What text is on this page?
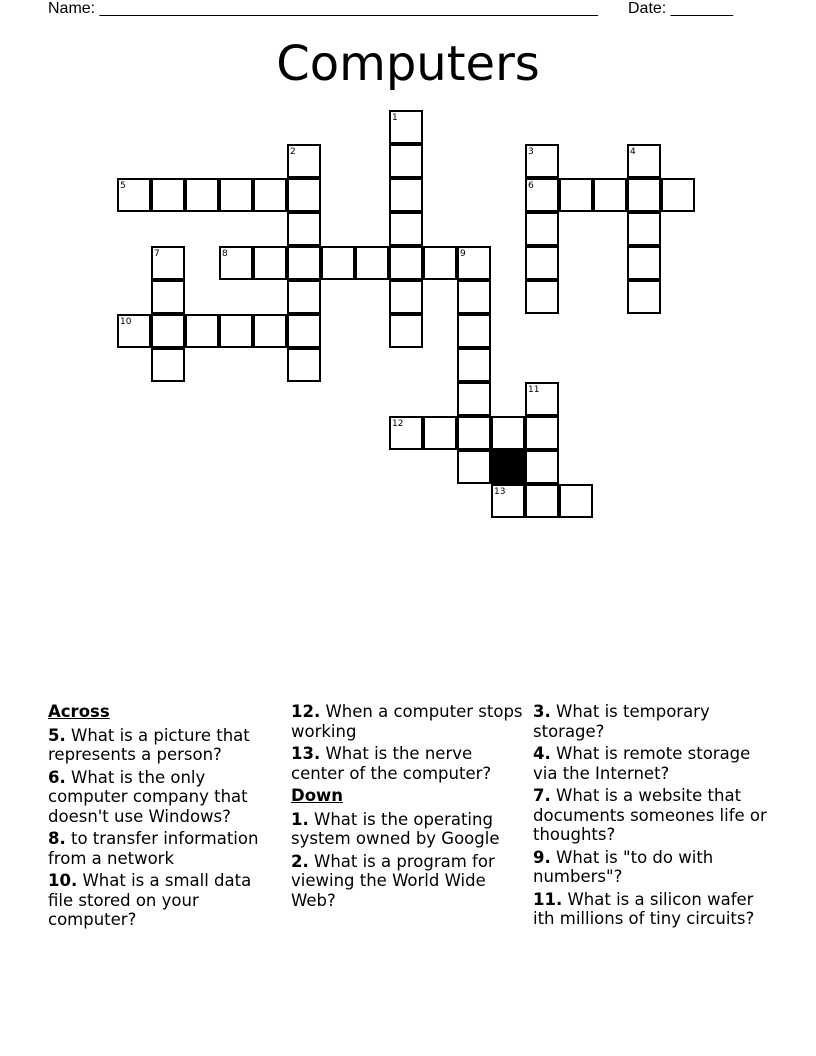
Name: ________________________________________________________ Date: _______
Computers
1
2	3	4
5	6
7	8	9
10
11
12
13
Across
5. What is a picture that represents a person?
6. What is the only computer company that doesn't use Windows?
8. to transfer information from a network
10. What is a small data file stored on your computer?
12. When a computer stops working
13. What is the nerve center of the computer?
Down
1. What is the operating system owned by Google
2. What is a program for viewing the World Wide Web?
3. What is temporary storage?
4. What is remote storage via the Internet?
7. What is a website that documents someones life or thoughts?
9. What is "to do with numbers"?
11. What is a silicon wafer ith millions of tiny circuits?
